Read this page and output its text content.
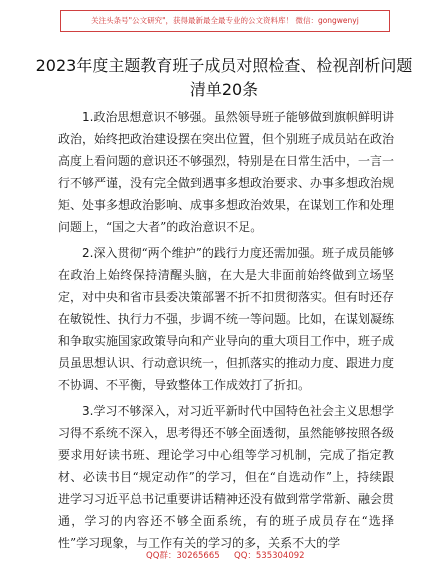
关注头条号"公文研究"，获得最新最全最专业的公文资料库！ 微信：gongwenyj
2023年度主题教育班子成员对照检查、检视剖析问题清单20条

1.政治思想意识不够强。虽然领导班子能够做到旗帜鲜明讲政治，始终把政治建设摆在突出位置，但个别班子成员站在政治高度上看问题的意识还不够强烈，特别是在日常生活中，一言一行不够严谨，没有完全做到遇事多想政治要求、办事多想政治规矩、处事多想政治影响、成事多想政治效果，在谋划工作和处理问题上，“国之大者”的政治意识不足。

2.深入贯彻“两个维护”的践行力度还需加强。班子成员能够在政治上始终保持清醒头脑，在大是大非面前始终做到立场坚定，对中央和省市县委决策部署不折不扣贯彻落实。但有时还存在敏锐性、执行力不强，步调不统一等问题。比如，在谋划凝练和争取实施国家政策导向和产业导向的重大项目工作中，班子成员虽思想认识、行动意识统一，但抓落实的推动力度、跟进力度不协调、不平衡，导致整体工作成效打了折扣。

3.学习不够深入，对习近平新时代中国特色社会主义思想学习得不系统不深入，思考得还不够全面透彻，虽然能够按照各级要求用好读书班、理论学习中心组等学习机制，完成了指定教材、必读书目“规定动作”的学习，但在“自选动作”上，持续跟进学习习近平总书记重要讲话精神还没有做到常学常新、融会贯通，学习的内容还不够全面系统，有的班子成员存在“选择性”学习现象，与工作有关的学习的多，关系不大的学

QQ群：30265665 QQ：535304092
